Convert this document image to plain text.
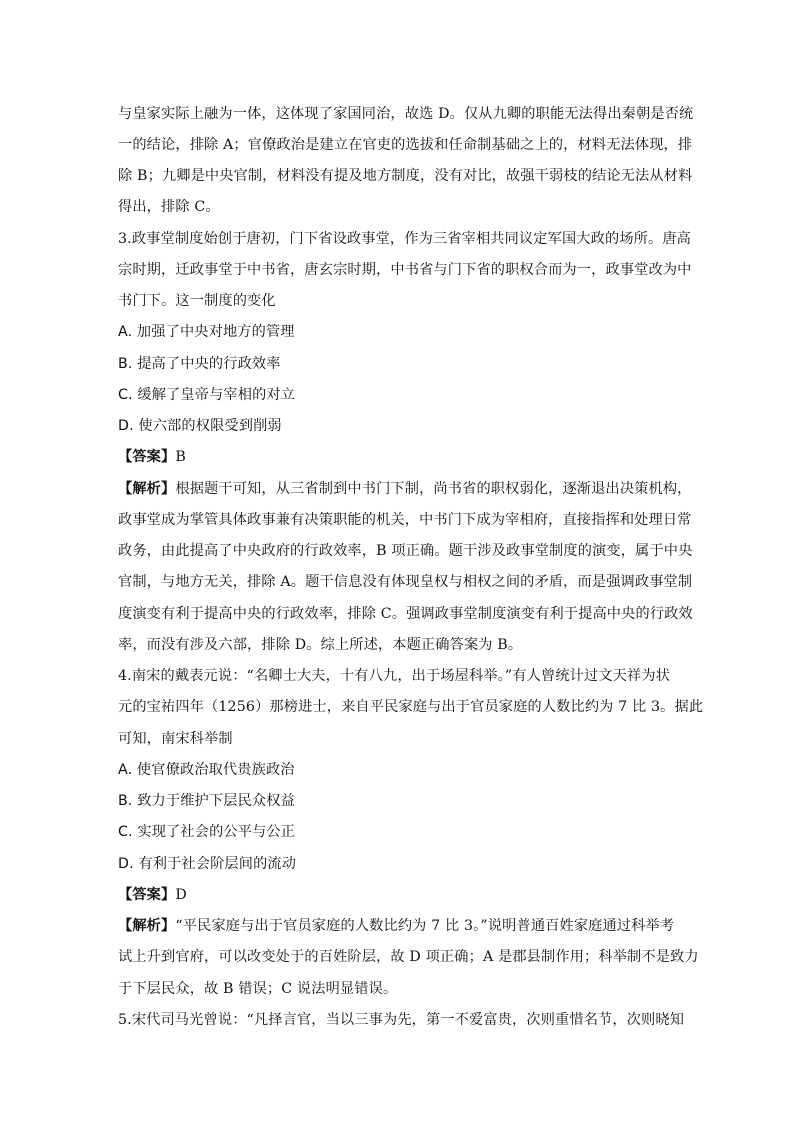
与皇家实际上融为一体，这体现了家国同治，故选 D。仅从九卿的职能无法得出秦朝是否统
一的结论，排除 A；官僚政治是建立在官吏的选拔和任命制基础之上的，材料无法体现，排
除 B；九卿是中央官制，材料没有提及地方制度，没有对比，故强干弱枝的结论无法从材料
得出，排除 C。
3.政事堂制度始创于唐初，门下省设政事堂，作为三省宰相共同议定军国大政的场所。唐高
宗时期，迁政事堂于中书省，唐玄宗时期，中书省与门下省的职权合而为一，政事堂改为中
书门下。这一制度的变化
A. 加强了中央对地方的管理
B. 提高了中央的行政效率
C. 缓解了皇帝与宰相的对立
D. 使六部的权限受到削弱
【答案】B
【解析】根据题干可知，从三省制到中书门下制，尚书省的职权弱化，逐渐退出决策机构，
政事堂成为掌管具体政事兼有决策职能的机关，中书门下成为宰相府，直接指挥和处理日常
政务，由此提高了中央政府的行政效率，B 项正确。题干涉及政事堂制度的演变，属于中央
官制，与地方无关，排除 A。题干信息没有体现皇权与相权之间的矛盾，而是强调政事堂制
度演变有利于提高中央的行政效率，排除 C。强调政事堂制度演变有利于提高中央的行政效
率，而没有涉及六部，排除 D。综上所述，本题正确答案为 B。
4.南宋的戴表元说：“名卿士大夫，十有八九，出于场屋科举。”有人曾统计过文天祥为状
元的宝祐四年（1256）那榜进士，来自平民家庭与出于官员家庭的人数比约为 7 比 3。据此
可知，南宋科举制
A. 使官僚政治取代贵族政治
B. 致力于维护下层民众权益
C. 实现了社会的公平与公正
D. 有利于社会阶层间的流动
【答案】D
【解析】“平民家庭与出于官员家庭的人数比约为 7 比 3。”说明普通百姓家庭通过科举考
试上升到官府，可以改变处于的百姓阶层，故 D 项正确；A 是郡县制作用；科举制不是致力
于下层民众，故 B 错误；C 说法明显错误。
5.宋代司马光曾说：“凡择言官，当以三事为先，第一不爱富贵，次则重惜名节，次则晓知
